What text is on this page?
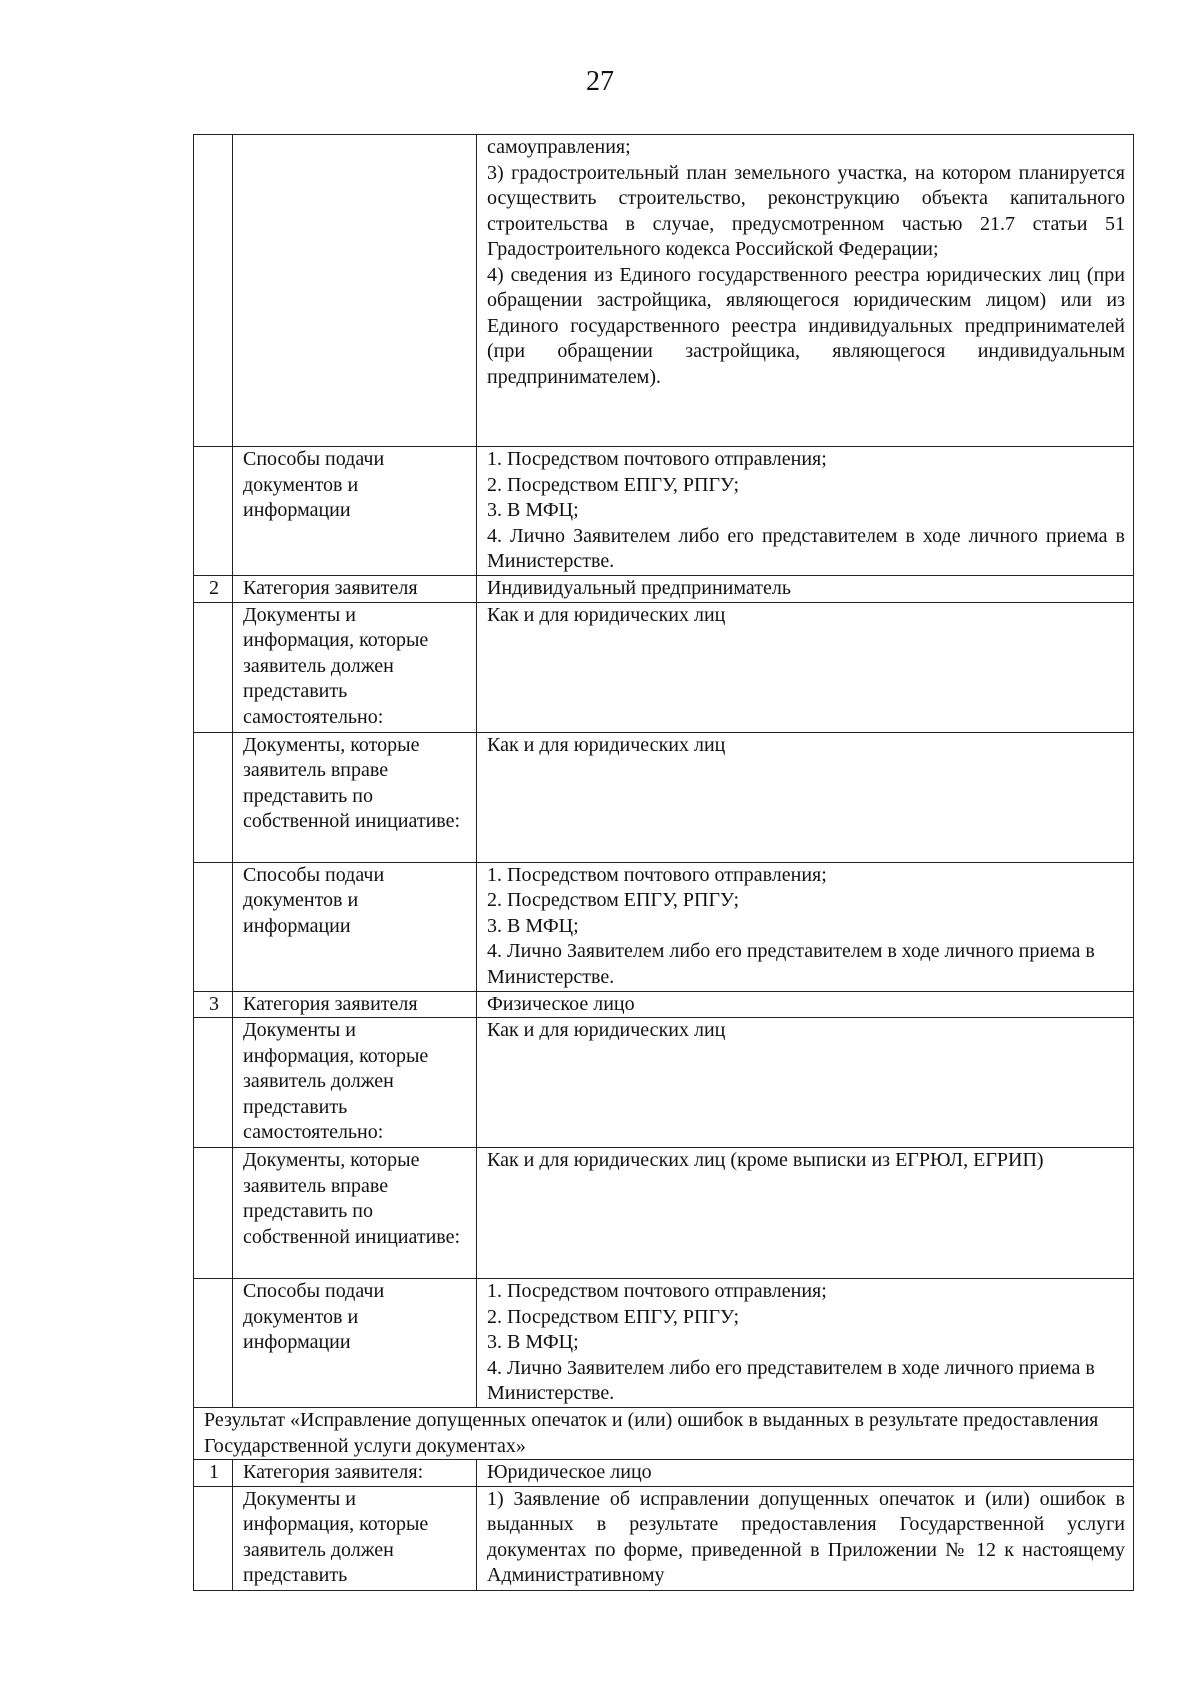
27

		самоуправления;
3) градостроительный план земельного участка, на котором планируется осуществить строительство, реконструкцию объекта капитального строительства в случае, предусмотренном частью 21.7 статьи 51 Градостроительного кодекса Российской Федерации;
4) сведения из Единого государственного реестра юридических лиц (при обращении застройщика, являющегося юридическим лицом) или из Единого государственного реестра индивидуальных предпринимателей (при обращении застройщика, являющегося индивидуальным предпринимателем).

	Способы подачи документов и информации	1. Посредством почтового отправления;
2. Посредством ЕПГУ, РПГУ;
3. В МФЦ;
4. Лично Заявителем либо его представителем в ходе личного приема в Министерстве.

2	Категория заявителя	Индивидуальный предприниматель
	Документы и информация, которые заявитель должен представить самостоятельно:	Как и для юридических лиц
	Документы, которые заявитель вправе представить по собственной инициативе:	Как и для юридических лиц
	Способы подачи документов и информации	1. Посредством почтового отправления;
2. Посредством ЕПГУ, РПГУ;
3. В МФЦ;
4. Лично Заявителем либо его представителем в ходе личного приема в Министерстве.

3	Категория заявителя	Физическое лицо
	Документы и информация, которые заявитель должен представить самостоятельно:	Как и для юридических лиц
	Документы, которые заявитель вправе представить по собственной инициативе:	Как и для юридических лиц (кроме выписки из ЕГРЮЛ, ЕГРИП)
	Способы подачи документов и информации	1. Посредством почтового отправления;
2. Посредством ЕПГУ, РПГУ;
3. В МФЦ;
4. Лично Заявителем либо его представителем в ходе личного приема в Министерстве.

Результат «Исправление допущенных опечаток и (или) ошибок в выданных в результате предоставления Государственной услуги документах»		
1	Категория заявителя:	Юридическое лицо
	Документы и информация, которые заявитель должен представить	1) Заявление об исправлении допущенных опечаток и (или) ошибок в выданных в результате предоставления Государственной услуги документах по форме, приведенной в Приложении № 12 к настоящему Административному
